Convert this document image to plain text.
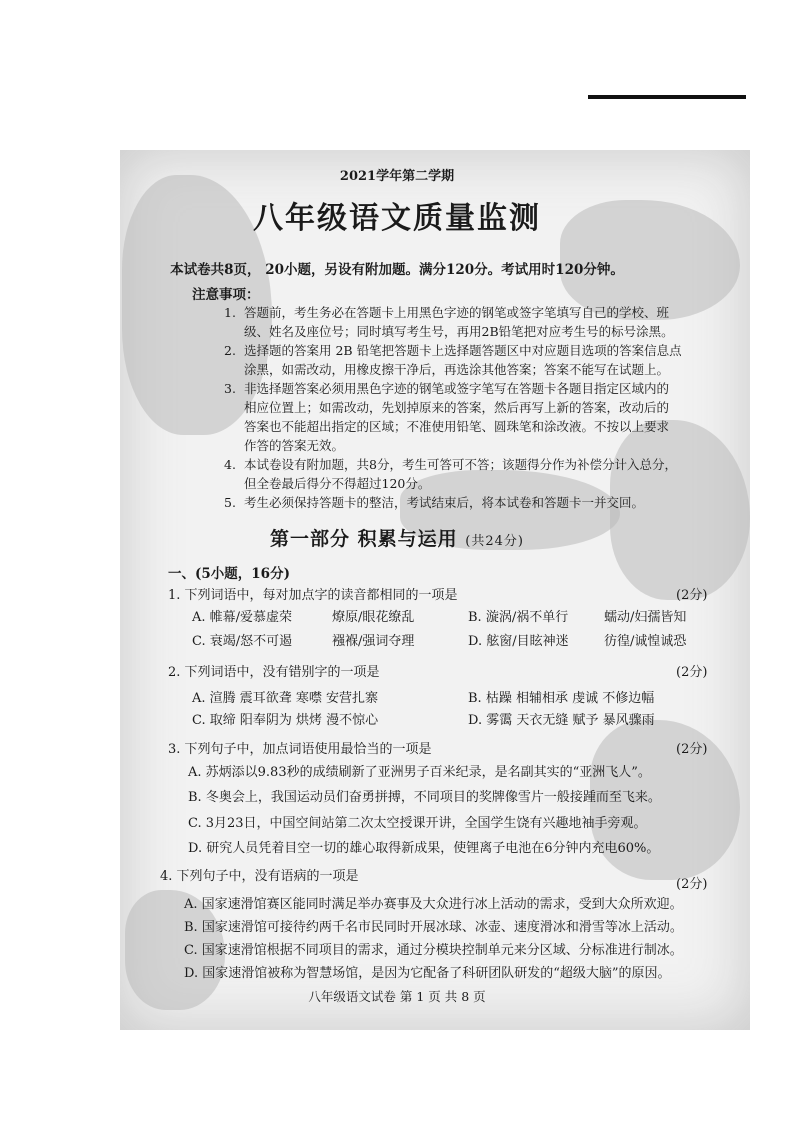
2021学年第二学期
八年级语文质量监测
本试卷共8页， 20小题，另设有附加题。满分120分。考试用时120分钟。
注意事项：
1. 答题前，考生务必在答题卡上用黑色字迹的钢笔或签字笔填写自己的学校、班
级、姓名及座位号；同时填写考生号，再用2B铅笔把对应考生号的标号涂黑。
2. 选择题的答案用 2B 铅笔把答题卡上选择题答题区中对应题目选项的答案信息点
涂黑，如需改动，用橡皮擦干净后，再选涂其他答案；答案不能写在试题上。
3. 非选择题答案必须用黑色字迹的钢笔或签字笔写在答题卡各题目指定区域内的
相应位置上；如需改动，先划掉原来的答案，然后再写上新的答案，改动后的
答案也不能超出指定的区域；不准使用铅笔、圆珠笔和涂改液。不按以上要求
作答的答案无效。
4. 本试卷设有附加题，共8分，考生可答可不答；该题得分作为补偿分计入总分，
但全卷最后得分不得超过120分。
5. 考生必须保持答题卡的整洁，考试结束后，将本试卷和答题卡一并交回。
第一部分 积累与运用 (共24分)
一、(5小题，16分)
1. 下列词语中，每对加点字的读音都相同的一项是	(2分)
A. 帷幕/爱慕虚荣	燎原/眼花缭乱	B. 漩涡/祸不单行	蠕动/妇孺皆知
C. 衰竭/怒不可遏	襁褓/强词夺理	D. 舷窗/目眩神迷	彷徨/诚惶诚恐
2. 下列词语中，没有错别字的一项是	(2分)
A. 渲腾 震耳欲聋 寒噤 安营扎寨	B. 枯躁 相辅相承 虔诚 不修边幅
C. 取缔 阳奉阴为 烘烤 漫不惊心	D. 雾霭 天衣无缝 赋予 暴风骤雨
3. 下列句子中，加点词语使用最恰当的一项是	(2分)
A. 苏炳添以9.83秒的成绩刷新了亚洲男子百米纪录，是名副其实的“亚洲飞人”。
B. 冬奥会上，我国运动员们奋勇拼搏，不同项目的奖牌像雪片一般接踵而至飞来。
C. 3月23日，中国空间站第二次太空授课开讲，全国学生饶有兴趣地袖手旁观。
D. 研究人员凭着目空一切的雄心取得新成果，使锂离子电池在6分钟内充电60%。
4. 下列句子中，没有语病的一项是
(2分)
A. 国家速滑馆赛区能同时满足举办赛事及大众进行冰上活动的需求，受到大众所欢迎。
B. 国家速滑馆可接待约两千名市民同时开展冰球、冰壶、速度滑冰和滑雪等冰上活动。
C. 国家速滑馆根据不同项目的需求，通过分模块控制单元来分区域、分标准进行制冰。
D. 国家速滑馆被称为智慧场馆，是因为它配备了科研团队研发的“超级大脑”的原因。
八年级语文试卷 第 1 页 共 8 页
